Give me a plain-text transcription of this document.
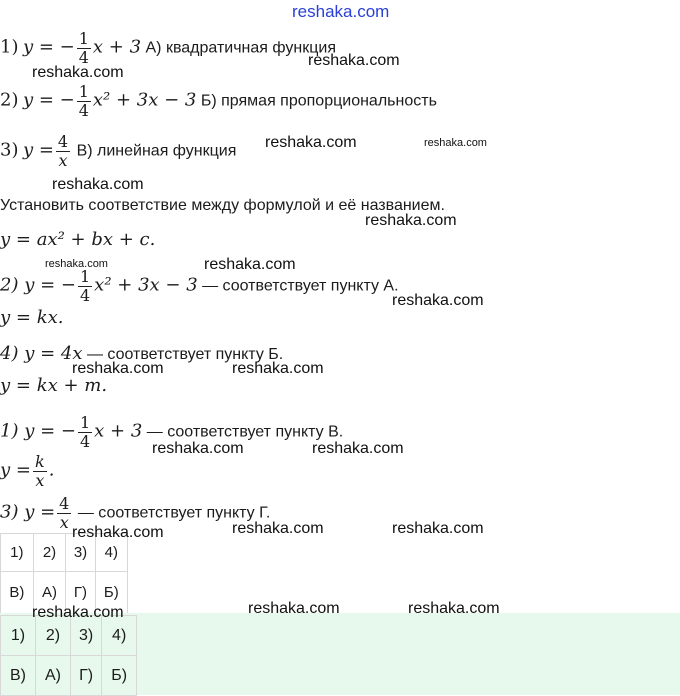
reshaka.com
1) y = − $\frac{1}{4}$ x + 3 А) квадратичная функция
2) y = − $\frac{1}{4} x^2 + 3x - 3$ Б) прямая пропорциональность
3) $y = \frac{4}{x} В$) линейная функция
Установить соответствие между формулой и её названием.
y = ax² + bx + c.
2) y = − $\frac{1}{4} x^2 + 3x - 3$ — соответствует пункту А.
y = kx.
4) y = 4x — соответствует пункту Б.
y = kx + m.
1) y = − $\frac{1}{4}$ x + 3 — соответствует пункту В.
$y = \frac{k}{x}$ .
3) $y = \frac{4}{x}$ — соответствует пункту Г.
1)	2)	3)	4)
В)	А)	Г)	Б)
1)	2)	3)	4)
В)	А)	Г)	Б)
reshaka.com
reshaka.com
reshaka.com	reshaka.com
reshaka.com
reshaka.com
reshaka.com	reshaka.com
reshaka.com
reshaka.com	reshaka.com
reshaka.com	reshaka.com
reshaka.com	reshaka.com	reshaka.com
reshaka.com	reshaka.com	reshaka.com
